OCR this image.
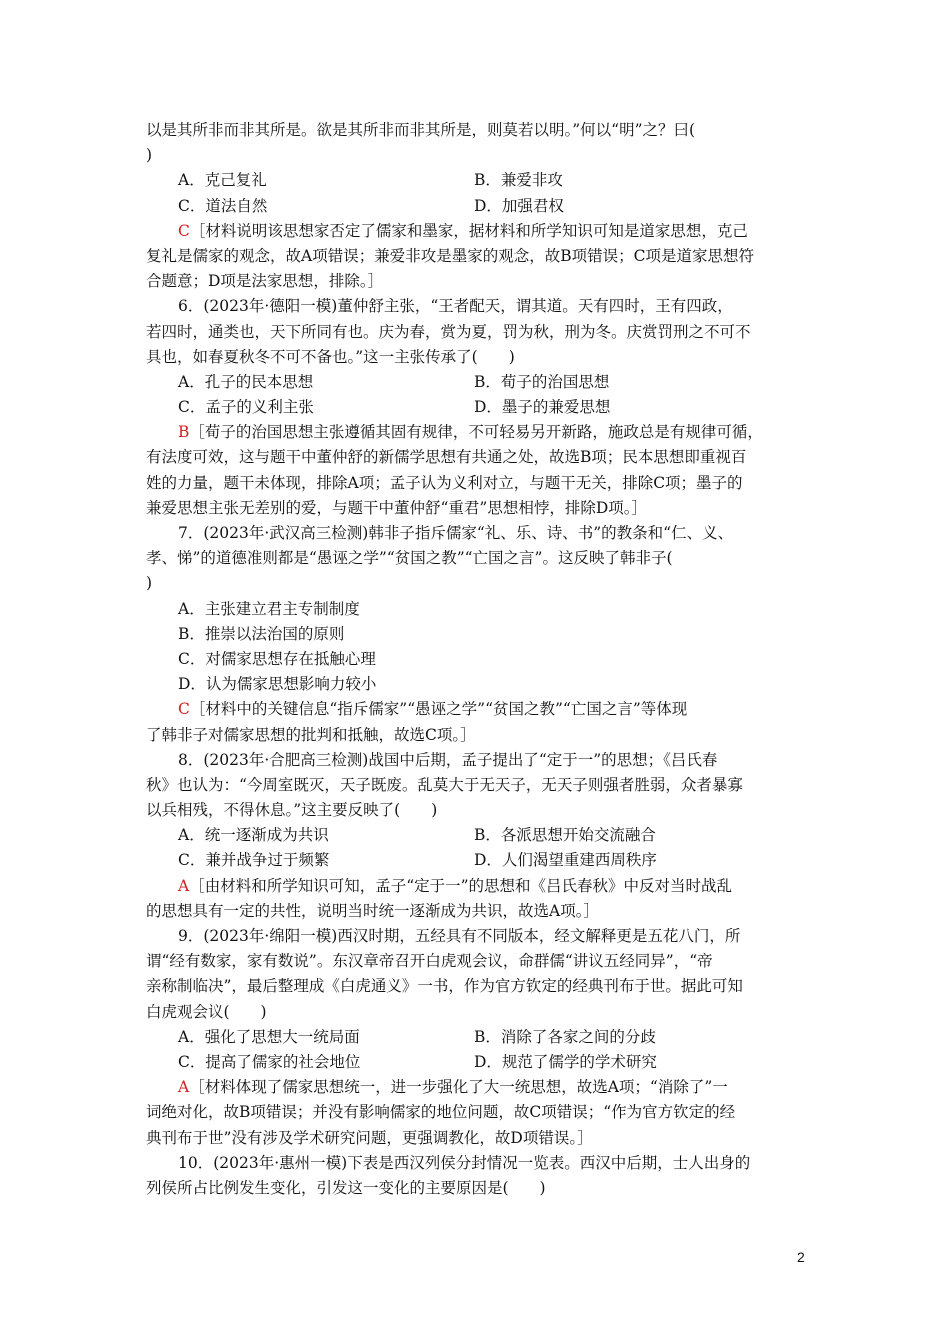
以是其所非而非其所是。欲是其所非而非其所是，则莫若以明。”何以“明”之？曰(
)
A．克己复礼	B．兼爱非攻
C．道法自然	D．加强君权
C［材料说明该思想家否定了儒家和墨家，据材料和所学知识可知是道家思想，克己
复礼是儒家的观念，故A项错误；兼爱非攻是墨家的观念，故B项错误；C项是道家思想符
合题意；D项是法家思想，排除。］
6．(2023年·德阳一模)董仲舒主张，“王者配天，谓其道。天有四时，王有四政，
若四时，通类也，天下所同有也。庆为春，赏为夏，罚为秋，刑为冬。庆赏罚刑之不可不
具也，如春夏秋冬不可不备也。”这一主张传承了(　　)
A．孔子的民本思想	B．荀子的治国思想
C．孟子的义利主张	D．墨子的兼爱思想
B［荀子的治国思想主张遵循其固有规律，不可轻易另开新路，施政总是有规律可循，
有法度可效，这与题干中董仲舒的新儒学思想有共通之处，故选B项；民本思想即重视百
姓的力量，题干未体现，排除A项；孟子认为义利对立，与题干无关，排除C项；墨子的
兼爱思想主张无差别的爱，与题干中董仲舒“重君”思想相悖，排除D项。］
7．(2023年·武汉高三检测)韩非子指斥儒家“礼、乐、诗、书”的教条和“仁、义、
孝、悌”的道德准则都是“愚诬之学”“贫国之教”“亡国之言”。这反映了韩非子(
)
A．主张建立君主专制制度
B．推崇以法治国的原则
C．对儒家思想存在抵触心理
D．认为儒家思想影响力较小
C［材料中的关键信息“指斥儒家”“愚诬之学”“贫国之教”“亡国之言”等体现
了韩非子对儒家思想的批判和抵触，故选C项。］
8．(2023年·合肥高三检测)战国中后期，孟子提出了“定于一”的思想；《吕氏春
秋》也认为：“今周室既灭，天子既废。乱莫大于无天子，无天子则强者胜弱，众者暴寡
以兵相残，不得休息。”这主要反映了(　　)
A．统一逐渐成为共识	B．各派思想开始交流融合
C．兼并战争过于频繁	D．人们渴望重建西周秩序
A［由材料和所学知识可知，孟子“定于一”的思想和《吕氏春秋》中反对当时战乱
的思想具有一定的共性，说明当时统一逐渐成为共识，故选A项。］
9．(2023年·绵阳一模)西汉时期，五经具有不同版本，经文解释更是五花八门，所
谓“经有数家，家有数说”。东汉章帝召开白虎观会议，命群儒“讲议五经同异”，“帝
亲称制临决”，最后整理成《白虎通义》一书，作为官方钦定的经典刊布于世。据此可知
白虎观会议(　　)
A．强化了思想大一统局面	B．消除了各家之间的分歧
C．提高了儒家的社会地位	D．规范了儒学的学术研究
A［材料体现了儒家思想统一，进一步强化了大一统思想，故选A项；“消除了”一
词绝对化，故B项错误；并没有影响儒家的地位问题，故C项错误；“作为官方钦定的经
典刊布于世”没有涉及学术研究问题，更强调教化，故D项错误。］
10．(2023年·惠州一模)下表是西汉列侯分封情况一览表。西汉中后期，士人出身的
列侯所占比例发生变化，引发这一变化的主要原因是(　　)
2
